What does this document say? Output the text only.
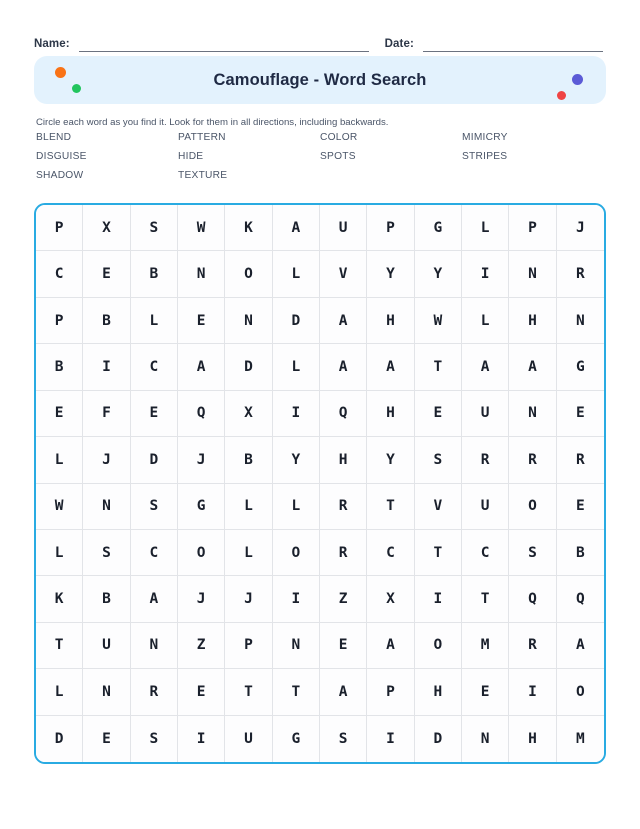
Name:	Date:
Camouflage - Word Search
Circle each word as you find it. Look for them in all directions, including backwards.
BLEND	PATTERN	COLOR	MIMICRY
DISGUISE	HIDE	SPOTS	STRIPES
SHADOW	TEXTURE
P	X	S	W	K	A	U	P	G	L	P	J
C	E	B	N	O	L	V	Y	Y	I	N	R
P	B	L	E	N	D	A	H	W	L	H	N
B	I	C	A	D	L	A	A	T	A	A	G
E	F	E	Q	X	I	Q	H	E	U	N	E
L	J	D	J	B	Y	H	Y	S	R	R	R
W	N	S	G	L	L	R	T	V	U	O	E
L	S	C	O	L	O	R	C	T	C	S	B
K	B	A	J	J	I	Z	X	I	T	Q	Q
T	U	N	Z	P	N	E	A	O	M	R	A
L	N	R	E	T	T	A	P	H	E	I	O
D	E	S	I	U	G	S	I	D	N	H	M
